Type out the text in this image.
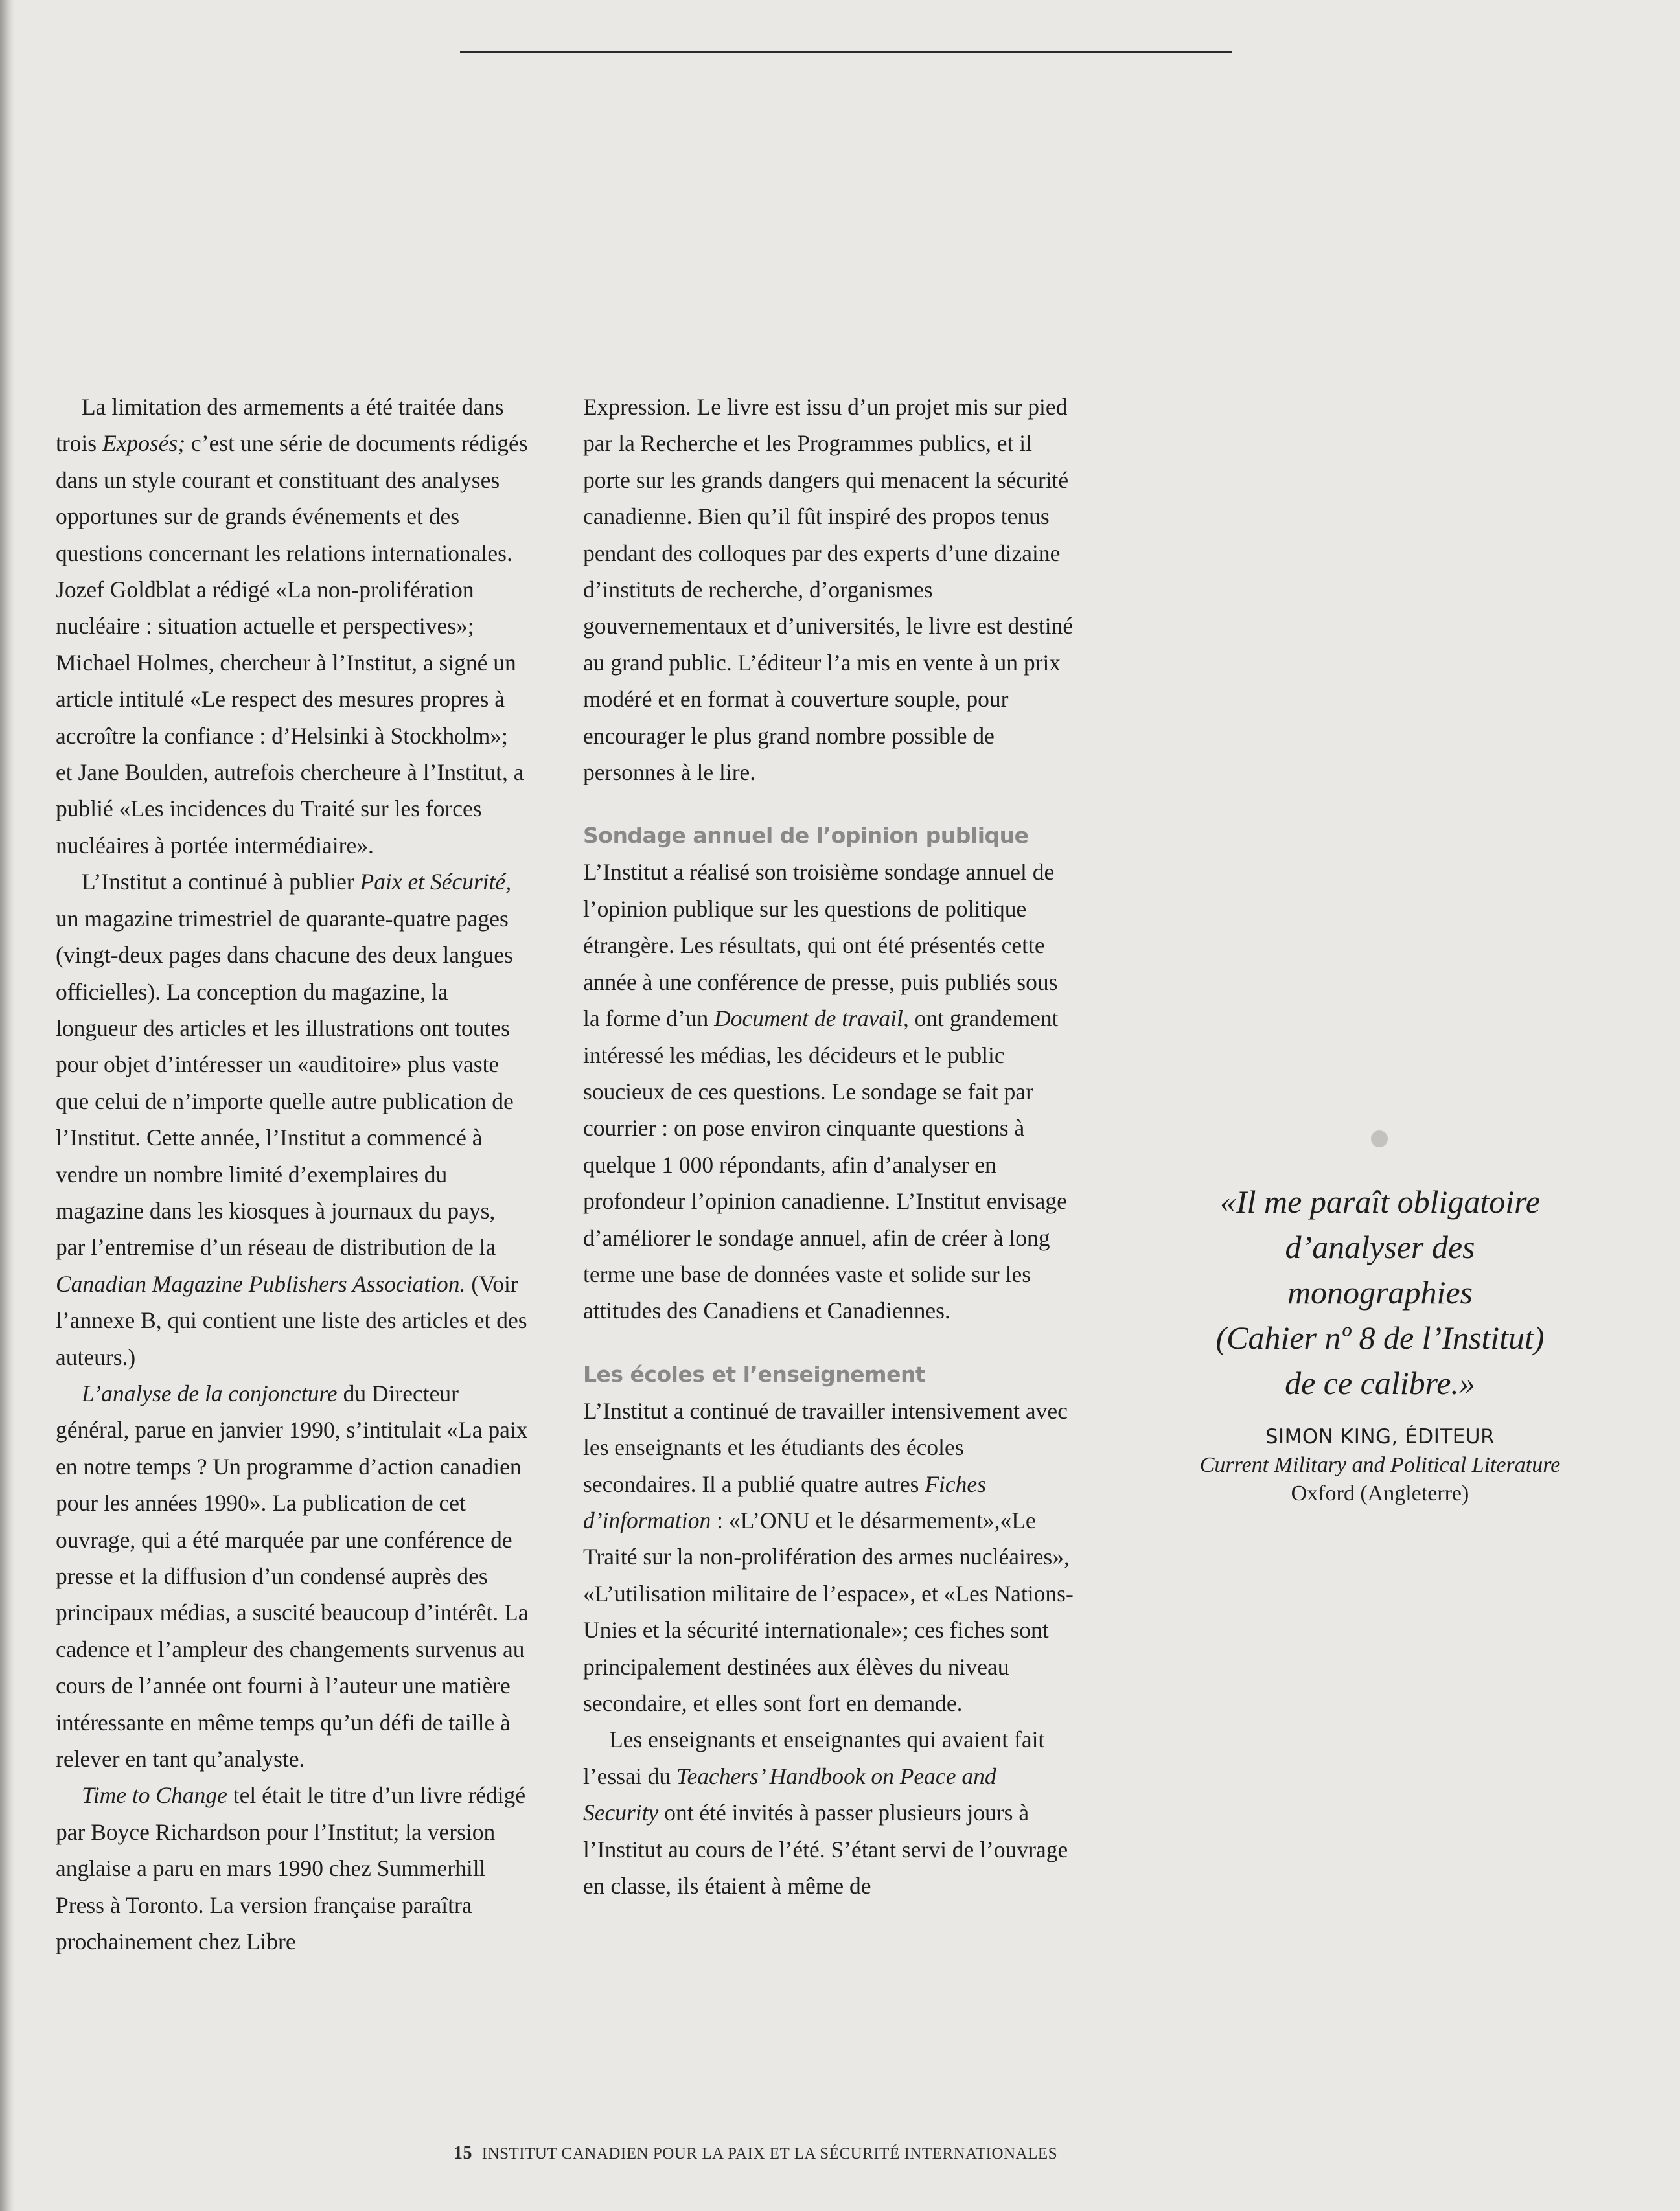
La limitation des armements a été traitée dans trois Exposés; c’est une série de documents rédigés dans un style courant et constituant des analyses opportunes sur de grands événements et des questions concernant les relations internationales. Jozef Goldblat a rédigé «La non-prolifération nucléaire : situation actuelle et perspectives»; Michael Holmes, chercheur à l’Institut, a signé un article intitulé «Le respect des mesures propres à accroître la confiance : d’Helsinki à Stockholm»; et Jane Boulden, autrefois chercheure à l’Institut, a publié «Les incidences du Traité sur les forces nucléaires à portée intermédiaire».

L’Institut a continué à publier Paix et Sécurité, un magazine trimestriel de quarante-quatre pages (vingt-deux pages dans chacune des deux langues officielles). La conception du magazine, la longueur des articles et les illustrations ont toutes pour objet d’intéresser un «auditoire» plus vaste que celui de n’importe quelle autre publication de l’Institut. Cette année, l’Institut a commencé à vendre un nombre limité d’exemplaires du magazine dans les kiosques à journaux du pays, par l’entremise d’un réseau de distribution de la Canadian Magazine Publishers Association. (Voir l’annexe B, qui contient une liste des articles et des auteurs.)

L’analyse de la conjoncture du Directeur général, parue en janvier 1990, s’intitulait «La paix en notre temps ? Un programme d’action canadien pour les années 1990». La publication de cet ouvrage, qui a été marquée par une conférence de presse et la diffusion d’un condensé auprès des principaux médias, a suscité beaucoup d’intérêt. La cadence et l’ampleur des changements survenus au cours de l’année ont fourni à l’auteur une matière intéressante en même temps qu’un défi de taille à relever en tant qu’analyste.

Time to Change tel était le titre d’un livre rédigé par Boyce Richardson pour l’Institut; la version anglaise a paru en mars 1990 chez Summerhill Press à Toronto. La version française paraîtra prochainement chez Libre

Expression. Le livre est issu d’un projet mis sur pied par la Recherche et les Programmes publics, et il porte sur les grands dangers qui menacent la sécurité canadienne. Bien qu’il fût inspiré des propos tenus pendant des colloques par des experts d’une dizaine d’instituts de recherche, d’organismes gouvernementaux et d’universités, le livre est destiné au grand public. L’éditeur l’a mis en vente à un prix modéré et en format à couverture souple, pour encourager le plus grand nombre possible de personnes à le lire.

Sondage annuel de l’opinion publique

L’Institut a réalisé son troisième sondage annuel de l’opinion publique sur les questions de politique étrangère. Les résultats, qui ont été présentés cette année à une conférence de presse, puis publiés sous la forme d’un Document de travail, ont grandement intéressé les médias, les décideurs et le public soucieux de ces questions. Le sondage se fait par courrier : on pose environ cinquante questions à quelque 1 000 répondants, afin d’analyser en profondeur l’opinion canadienne. L’Institut envisage d’améliorer le sondage annuel, afin de créer à long terme une base de données vaste et solide sur les attitudes des Canadiens et Canadiennes.

Les écoles et l’enseignement

L’Institut a continué de travailler intensivement avec les enseignants et les étudiants des écoles secondaires. Il a publié quatre autres Fiches d’information : «L’ONU et le désarmement»,«Le Traité sur la non-prolifération des armes nucléaires», «L’utilisation militaire de l’espace», et «Les Nations-Unies et la sécurité internationale»; ces fiches sont principalement destinées aux élèves du niveau secondaire, et elles sont fort en demande.

Les enseignants et enseignantes qui avaient fait l’essai du Teachers’ Handbook on Peace and Security ont été invités à passer plusieurs jours à l’Institut au cours de l’été. S’étant servi de l’ouvrage en classe, ils étaient à même de

«Il me paraît obligatoire
d’analyser des
monographies
(Cahier nº 8 de l’Institut)
de ce calibre.»
SIMON KING, ÉDITEUR
Current Military and Political Literature
Oxford (Angleterre)
15 INSTITUT CANADIEN POUR LA PAIX ET LA SÉCURITÉ INTERNATIONALES
